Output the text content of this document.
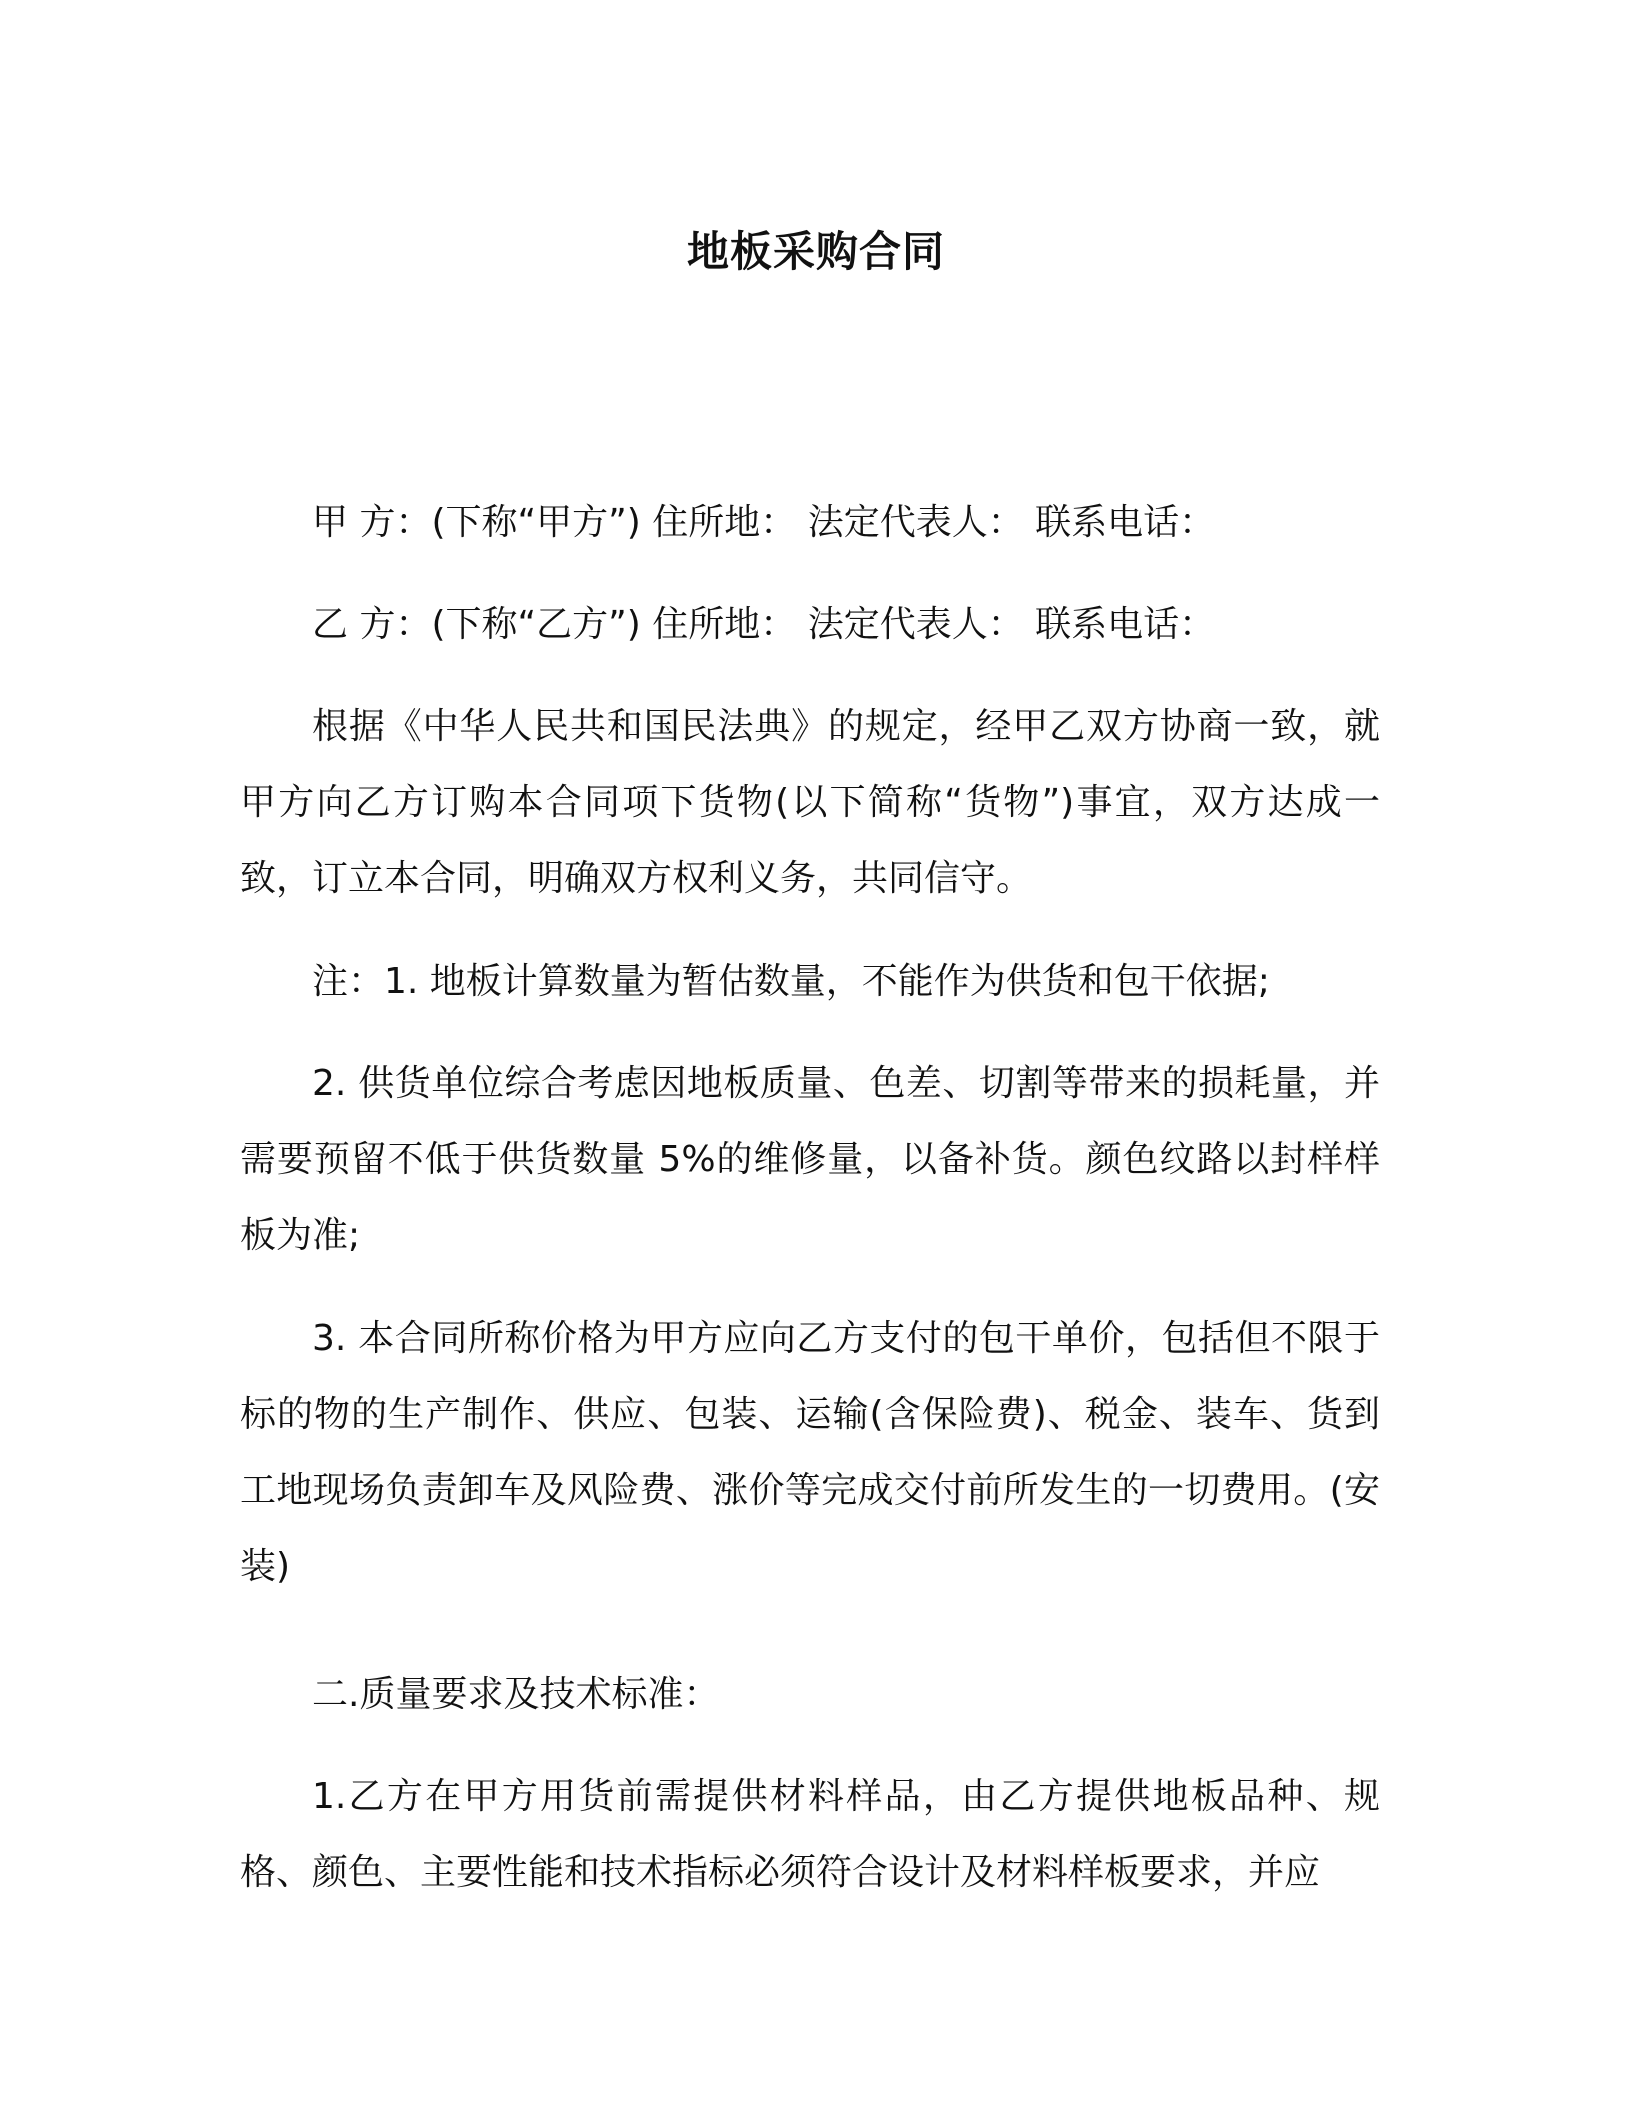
地板采购合同

甲 方：(下称“甲方”) 住所地： 法定代表人： 联系电话：

乙 方：(下称“乙方”) 住所地： 法定代表人： 联系电话：

根据《中华人民共和国民法典》的规定，经甲乙双方协商一致，就甲方向乙方订购本合同项下货物(以下简称“货物”)事宜，双方达成一致，订立本合同，明确双方权利义务，共同信守。

注：1. 地板计算数量为暂估数量，不能作为供货和包干依据;

2. 供货单位综合考虑因地板质量、色差、切割等带来的损耗量，并需要预留不低于供货数量 5%的维修量，以备补货。颜色纹路以封样样板为准;

3. 本合同所称价格为甲方应向乙方支付的包干单价，包括但不限于标的物的生产制作、供应、包装、运输(含保险费)、税金、装车、货到工地现场负责卸车及风险费、涨价等完成交付前所发生的一切费用。(安装)

二.质量要求及技术标准：

1.乙方在甲方用货前需提供材料样品，由乙方提供地板品种、规格、颜色、主要性能和技术指标必须符合设计及材料样板要求，并应
